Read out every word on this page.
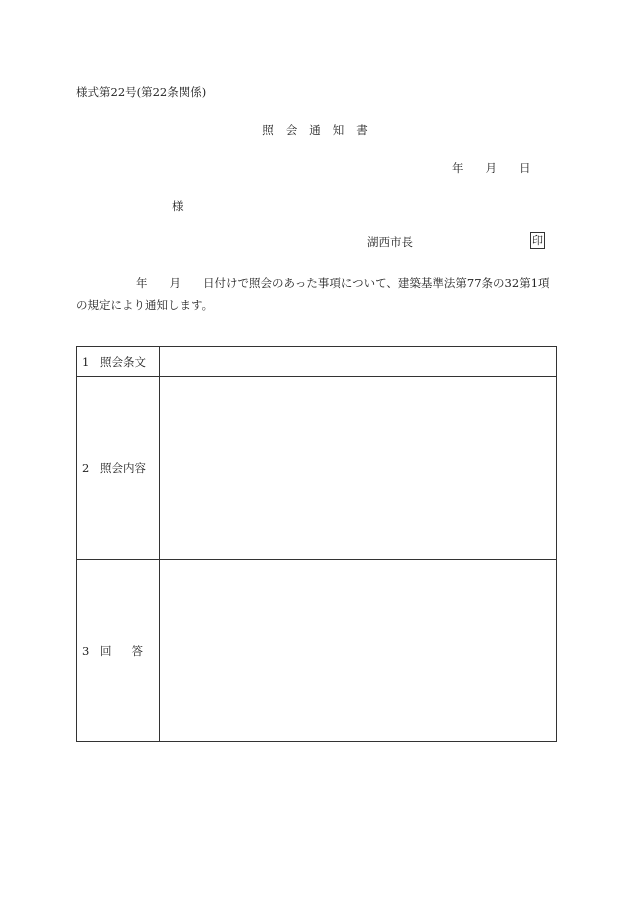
様式第22号(第22条関係)
照 会 通 知 書
年 月 日
様
湖西市長	印
年 月 日付けで照会のあった事項について、建築基準法第77条の32第1項の規定により通知します。
1 照会条文	
2 照会内容	
3 回 答	
